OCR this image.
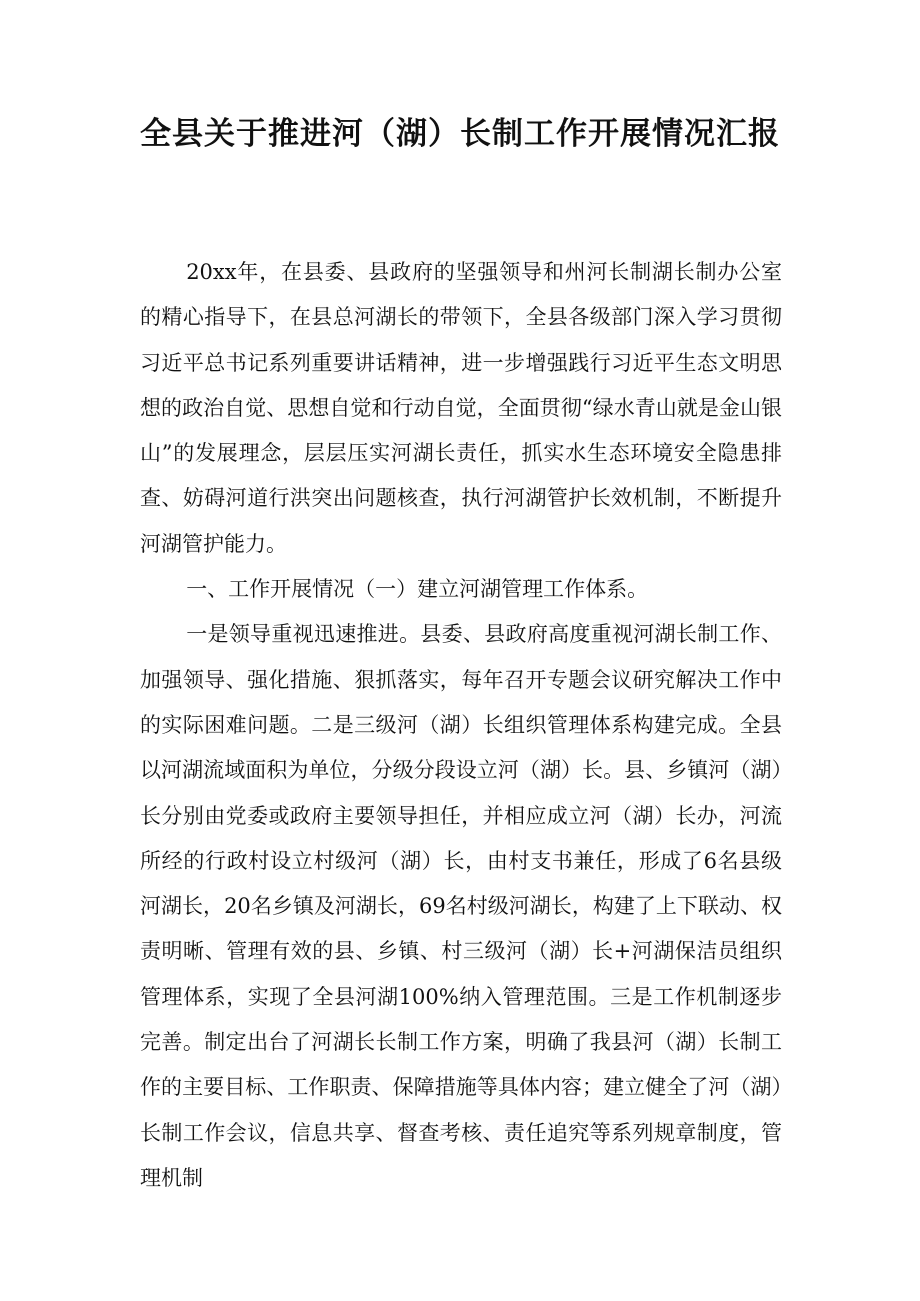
全县关于推进河（湖）长制工作开展情况汇报

20xx年，在县委、县政府的坚强领导和州河长制湖长制办公室的精心指导下，在县总河湖长的带领下，全县各级部门深入学习贯彻习近平总书记系列重要讲话精神，进一步增强践行习近平生态文明思想的政治自觉、思想自觉和行动自觉，全面贯彻“绿水青山就是金山银山”的发展理念，层层压实河湖长责任，抓实水生态环境安全隐患排查、妨碍河道行洪突出问题核查，执行河湖管护长效机制，不断提升河湖管护能力。

一、工作开展情况（一）建立河湖管理工作体系。

一是领导重视迅速推进。县委、县政府高度重视河湖长制工作、加强领导、强化措施、狠抓落实，每年召开专题会议研究解决工作中的实际困难问题。二是三级河（湖）长组织管理体系构建完成。全县以河湖流域面积为单位，分级分段设立河（湖）长。县、乡镇河（湖）长分别由党委或政府主要领导担任，并相应成立河（湖）长办，河流所经的行政村设立村级河（湖）长，由村支书兼任，形成了6名县级河湖长，20名乡镇及河湖长，69名村级河湖长，构建了上下联动、权责明晰、管理有效的县、乡镇、村三级河（湖）长+河湖保洁员组织管理体系，实现了全县河湖100%纳入管理范围。三是工作机制逐步完善。制定出台了河湖长长制工作方案，明确了我县河（湖）长制工作的主要目标、工作职责、保障措施等具体内容；建立健全了河（湖）长制工作会议，信息共享、督查考核、责任追究等系列规章制度，管理机制
